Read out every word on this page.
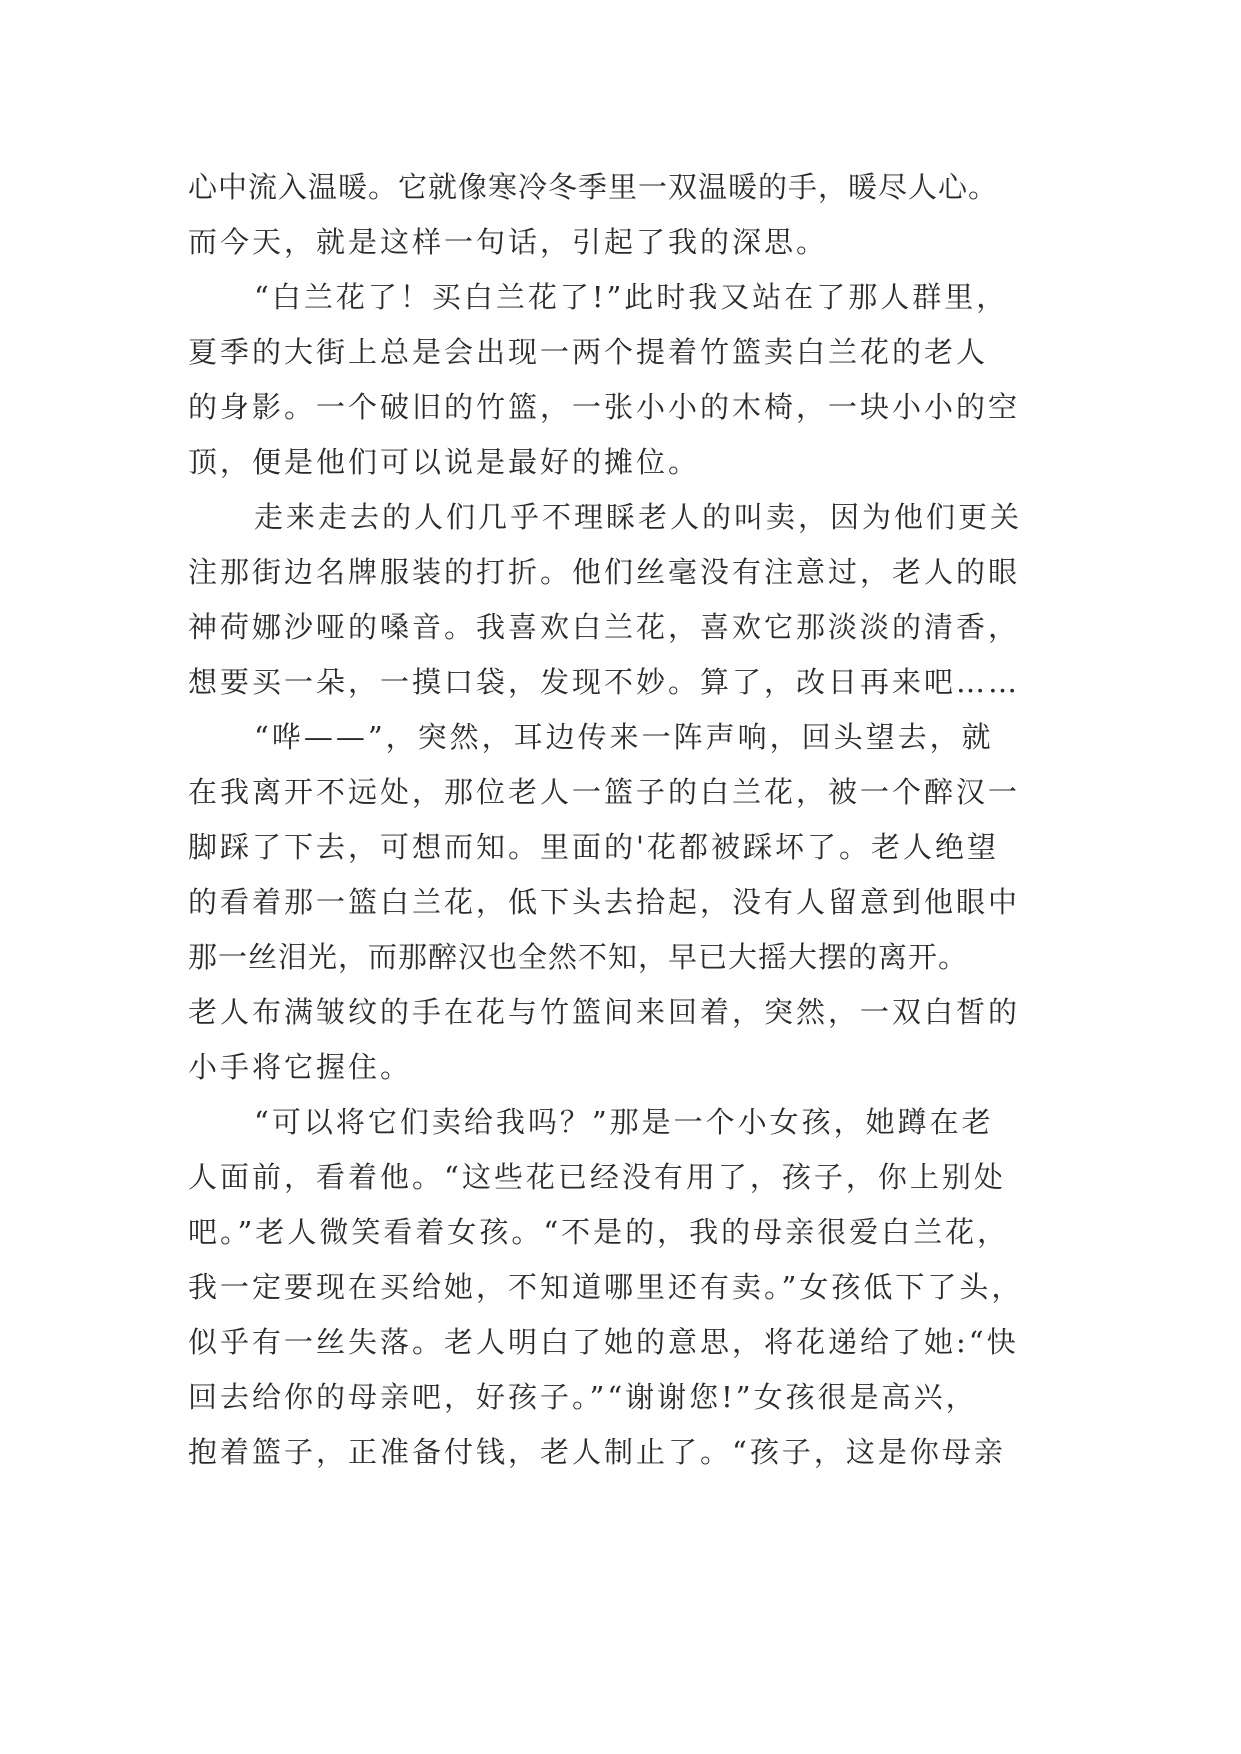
心中流入温暖。它就像寒冷冬季里一双温暖的手，暖尽人心。
而今天，就是这样一句话，引起了我的深思。
“白兰花了！买白兰花了!”此时我又站在了那人群里，
夏季的大街上总是会出现一两个提着竹篮卖白兰花的老人
的身影。一个破旧的竹篮，一张小小的木椅，一块小小的空
顶，便是他们可以说是最好的摊位。
走来走去的人们几乎不理睬老人的叫卖，因为他们更关
注那街边名牌服装的打折。他们丝毫没有注意过，老人的眼
神荷娜沙哑的嗓音。我喜欢白兰花，喜欢它那淡淡的清香，
想要买一朵，一摸口袋，发现不妙。算了，改日再来吧……
“哗——”，突然，耳边传来一阵声响，回头望去，就
在我离开不远处，那位老人一篮子的白兰花，被一个醉汉一
脚踩了下去，可想而知。里面的'花都被踩坏了。老人绝望
的看着那一篮白兰花，低下头去拾起，没有人留意到他眼中
那一丝泪光，而那醉汉也全然不知，早已大摇大摆的离开。
老人布满皱纹的手在花与竹篮间来回着，突然，一双白皙的
小手将它握住。
“可以将它们卖给我吗？”那是一个小女孩，她蹲在老
人面前，看着他。“这些花已经没有用了，孩子，你上别处
吧。”老人微笑看着女孩。“不是的，我的母亲很爱白兰花，
我一定要现在买给她，不知道哪里还有卖。”女孩低下了头，
似乎有一丝失落。老人明白了她的意思，将花递给了她:“快
回去给你的母亲吧，好孩子。”“谢谢您!”女孩很是高兴，
抱着篮子，正准备付钱，老人制止了。“孩子，这是你母亲
